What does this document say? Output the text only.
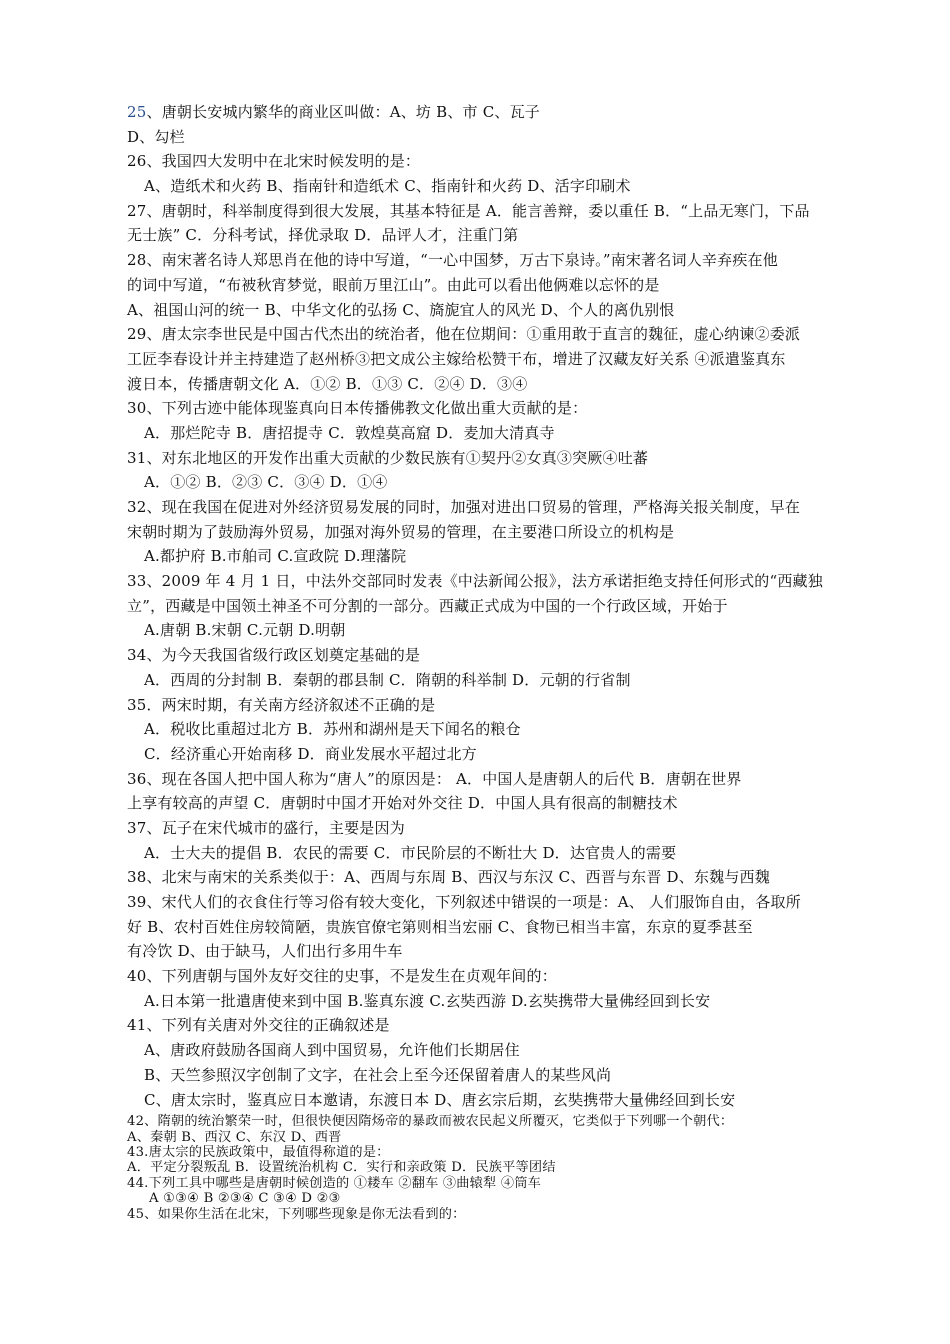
25、唐朝长安城内繁华的商业区叫做：A、坊 B、市 C、瓦子
D、勾栏
26、我国四大发明中在北宋时候发明的是：
A、造纸术和火药 B、指南针和造纸术 C、指南针和火药 D、活字印刷术
27、唐朝时，科举制度得到很大发展，其基本特征是 A．能言善辩，委以重任 B．“上品无寒门，下品
无士族” C．分科考试，择优录取 D．品评人才，注重门第
28、南宋著名诗人郑思肖在他的诗中写道，“一心中国梦，万古下泉诗。”南宋著名词人辛弃疾在他
的词中写道，“布被秋宵梦觉，眼前万里江山”。由此可以看出他俩难以忘怀的是
A、祖国山河的统一 B、中华文化的弘扬 C、旖旎宜人的风光 D、个人的离仇别恨
29、唐太宗李世民是中国古代杰出的统治者，他在位期间：①重用敢于直言的魏征，虚心纳谏②委派
工匠李春设计并主持建造了赵州桥③把文成公主嫁给松赞干布，增进了汉藏友好关系 ④派遣鉴真东
渡日本，传播唐朝文化 A．①② B．①③ C．②④ D．③④
30、下列古迹中能体现鉴真向日本传播佛教文化做出重大贡献的是：
A．那烂陀寺 B．唐招提寺 C．敦煌莫高窟 D．麦加大清真寺
31、对东北地区的开发作出重大贡献的少数民族有①契丹②女真③突厥④吐蕃
A．①② B．②③ C．③④ D．①④
32、现在我国在促进对外经济贸易发展的同时，加强对进出口贸易的管理，严格海关报关制度，早在
宋朝时期为了鼓励海外贸易，加强对海外贸易的管理，在主要港口所设立的机构是
A.都护府 B.市舶司 C.宣政院 D.理藩院
33、2009 年 4 月 1 日，中法外交部同时发表《中法新闻公报》，法方承诺拒绝支持任何形式的“西藏独
立”，西藏是中国领土神圣不可分割的一部分。西藏正式成为中国的一个行政区域，开始于
A.唐朝 B.宋朝 C.元朝 D.明朝
34、为今天我国省级行政区划奠定基础的是
A．西周的分封制 B．秦朝的郡县制 C．隋朝的科举制 D．元朝的行省制
35．两宋时期，有关南方经济叙述不正确的是
A．税收比重超过北方 B．苏州和湖州是天下闻名的粮仓
C．经济重心开始南移 D．商业发展水平超过北方
36、现在各国人把中国人称为“唐人”的原因是： A．中国人是唐朝人的后代 B．唐朝在世界
上享有较高的声望 C．唐朝时中国才开始对外交往 D．中国人具有很高的制糖技术
37、瓦子在宋代城市的盛行，主要是因为
A．士大夫的提倡 B．农民的需要 C．市民阶层的不断壮大 D．达官贵人的需要
38、北宋与南宋的关系类似于：A、西周与东周 B、西汉与东汉 C、西晋与东晋 D、东魏与西魏
39、宋代人们的衣食住行等习俗有较大变化，下列叙述中错误的一项是：A、 人们服饰自由，各取所
好 B、农村百姓住房较简陋，贵族官僚宅第则相当宏丽 C、食物已相当丰富，东京的夏季甚至
有冷饮 D、由于缺马，人们出行多用牛车
40、下列唐朝与国外友好交往的史事，不是发生在贞观年间的：
A.日本第一批遣唐使来到中国 B.鉴真东渡 C.玄奘西游 D.玄奘携带大量佛经回到长安
41、下列有关唐对外交往的正确叙述是
A、唐政府鼓励各国商人到中国贸易，允许他们长期居住
B、天竺参照汉字创制了文字，在社会上至今还保留着唐人的某些风尚
C、唐太宗时，鉴真应日本邀请，东渡日本 D、唐玄宗后期，玄奘携带大量佛经回到长安
42、隋朝的统治繁荣一时，但很快便因隋炀帝的暴政而被农民起义所覆灭，它类似于下列哪一个朝代：
A、秦朝 B、西汉 C、东汉 D、西晋
43.唐太宗的民族政策中，最值得称道的是：
A．平定分裂叛乱 B．设置统治机构 C．实行和亲政策 D．民族平等团结
44.下列工具中哪些是唐朝时候创造的 ①耧车 ②翻车 ③曲辕犁 ④筒车
A ①③④ B ②③④ C ③④ D ②③
45、如果你生活在北宋，下列哪些现象是你无法看到的：
